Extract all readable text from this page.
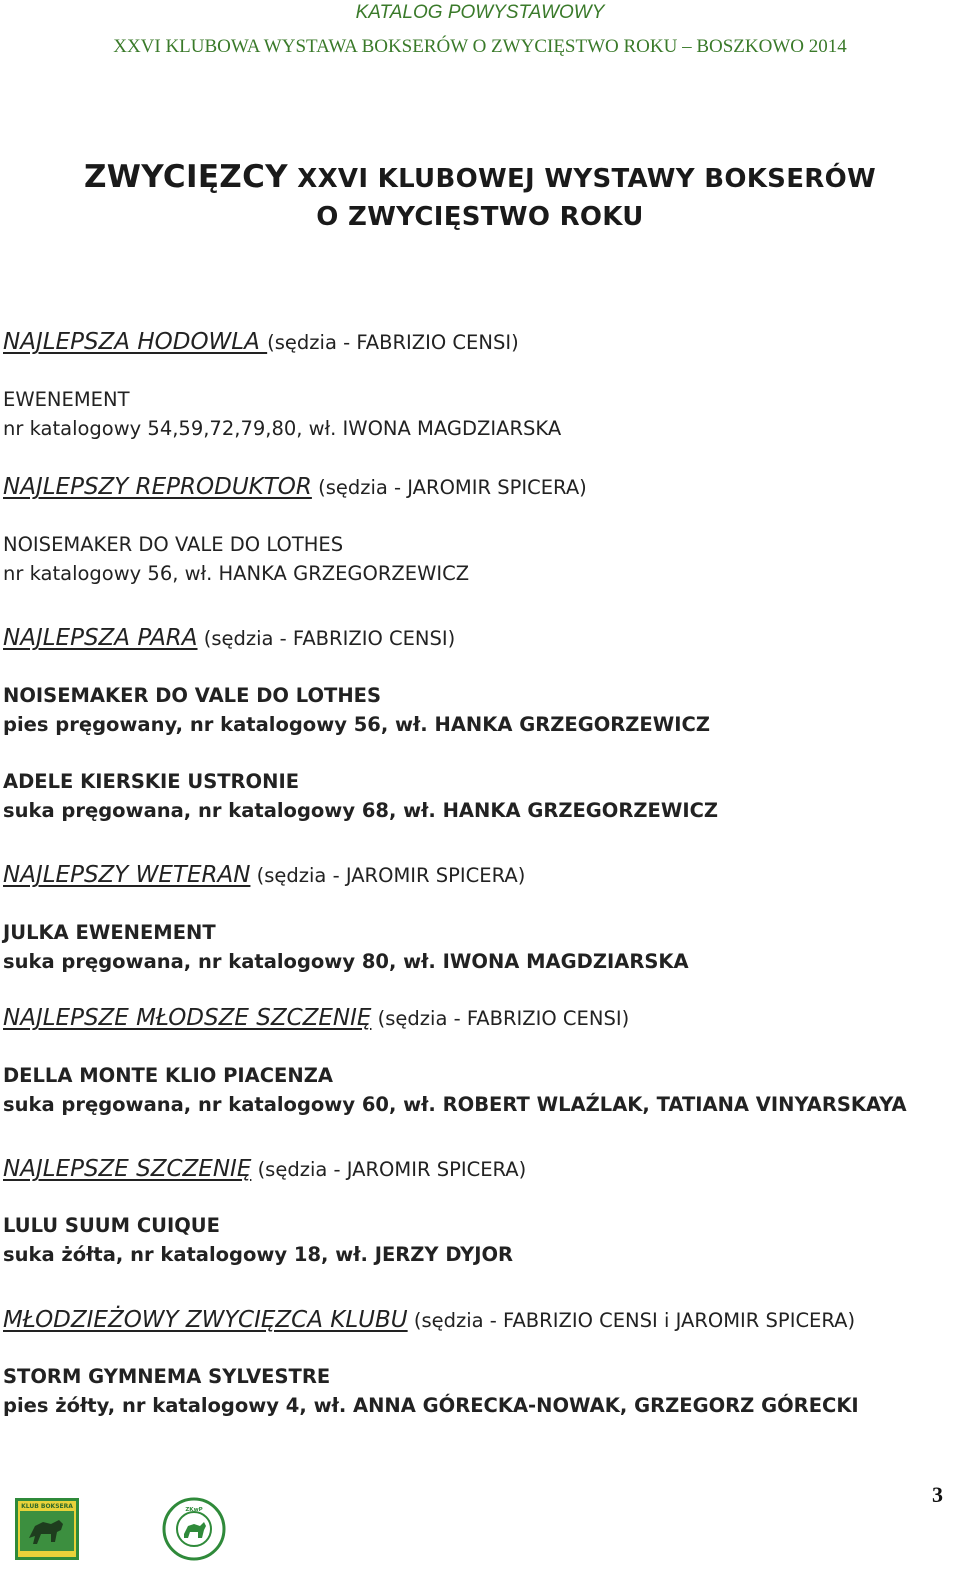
KATALOG POWYSTAWOWY
XXVI KLUBOWA WYSTAWA BOKSERÓW O ZWYCIĘSTWO ROKU – BOSZKOWO 2014
ZWYCIĘZCY XXVI KLUBOWEJ WYSTAWY BOKSERÓW
O ZWYCIĘSTWO ROKU
NAJLEPSZA HODOWLA (sędzia - FABRIZIO CENSI)
EWENEMENT
nr katalogowy 54,59,72,79,80, wł. IWONA MAGDZIARSKA
NAJLEPSZY REPRODUKTOR (sędzia - JAROMIR SPICERA)
NOISEMAKER DO VALE DO LOTHES
nr katalogowy 56, wł. HANKA GRZEGORZEWICZ
NAJLEPSZA PARA (sędzia - FABRIZIO CENSI)
NOISEMAKER DO VALE DO LOTHES
pies pręgowany, nr katalogowy 56, wł. HANKA GRZEGORZEWICZ
ADELE KIERSKIE USTRONIE
suka pręgowana, nr katalogowy 68, wł. HANKA GRZEGORZEWICZ
NAJLEPSZY WETERAN (sędzia - JAROMIR SPICERA)
JULKA EWENEMENT
suka pręgowana, nr katalogowy 80, wł. IWONA MAGDZIARSKA
NAJLEPSZE MŁODSZE SZCZENIĘ (sędzia - FABRIZIO CENSI)
DELLA MONTE KLIO PIACENZA
suka pręgowana, nr katalogowy 60, wł. ROBERT WLAŹLAK, TATIANA VINYARSKAYA
NAJLEPSZE SZCZENIĘ (sędzia - JAROMIR SPICERA)
LULU SUUM CUIQUE
suka żółta, nr katalogowy 18, wł. JERZY DYJOR
MŁODZIEŻOWY ZWYCIĘZCA KLUBU (sędzia - FABRIZIO CENSI i JAROMIR SPICERA)
STORM GYMNEMA SYLVESTRE
pies żółty, nr katalogowy 4, wł. ANNA GÓRECKA-NOWAK, GRZEGORZ GÓRECKI
3
KLUB BOKSERA	ZKwP
